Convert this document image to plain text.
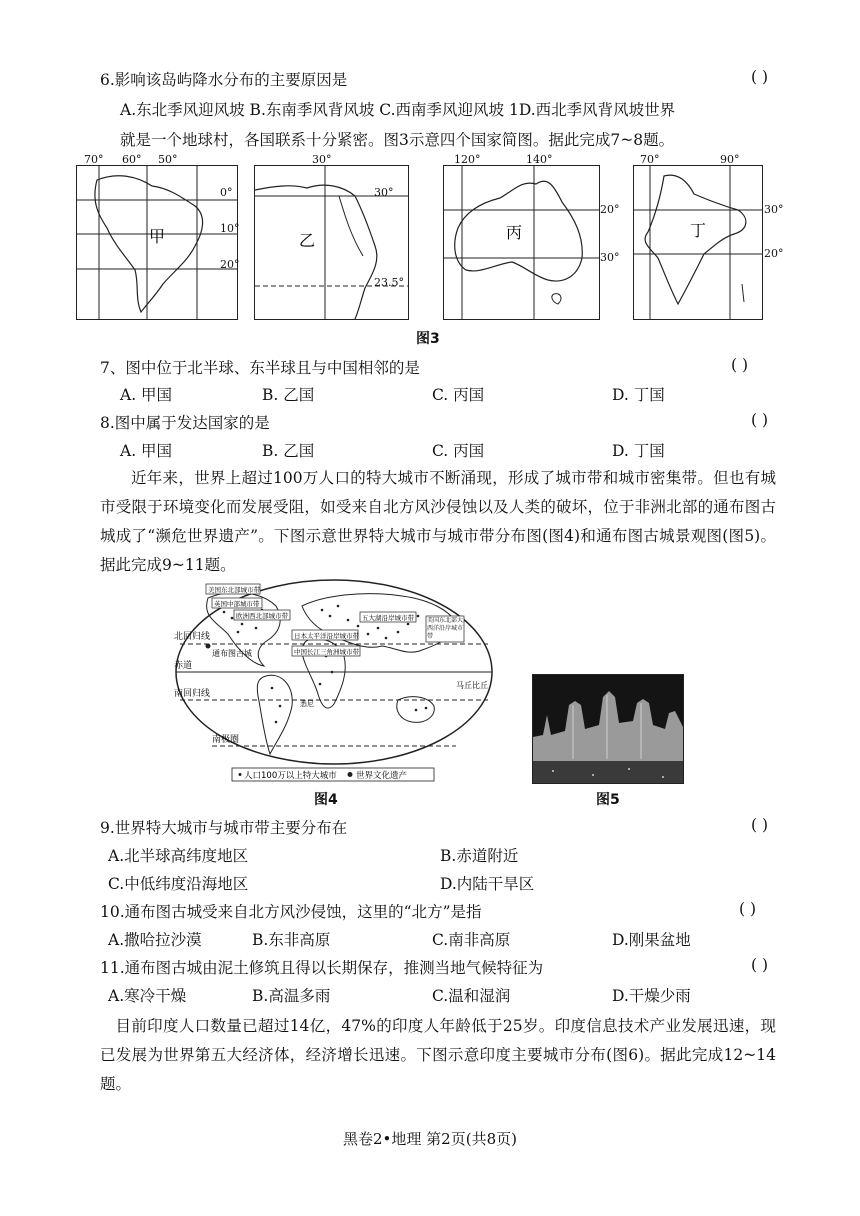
6.影响该岛屿降水分布的主要原因是	( )
A.东北季风迎风坡 B.东南季风背风坡 C.西南季风迎风坡 1D.西北季风背风坡世界
就是一个地球村，各国联系十分紧密。图3示意四个国家简图。据此完成7~8题。
甲
70° 60° 50°
0°
10°
20°
乙
30°
30°
23.5°
丙
120°	140°
20°
30°
丁
70°	90°
30°
20°
图3
7、图中位于北半球、东半球且与中国相邻的是	( )
A. 甲国	B. 乙国	C. 丙国	D. 丁国
8.图中属于发达国家的是	( )
A. 甲国	B. 乙国	C. 丙国	D. 丁国
近年来，世界上超过100万人口的特大城市不断涌现，形成了城市带和城市密集带。但也有城市受限于环境变化而发展受阻，如受来自北方风沙侵蚀以及人类的破坏，位于非洲北部的通布图古城成了“濒危世界遗产”。下图示意世界特大城市与城市带分布图(图4)和通布图古城景观图(图5)。据此完成9~11题。
北回归线
赤道
南回归线
南极圈
通布图古城
马丘比丘
悉尼
美国东北部城市带
英国中部城市带
欧洲西北部城市带	五大湖沿岸城市带
日本太平洋沿岸城市带
中国长江三角洲城市带
美国东北部大西洋沿岸城市带
人口100万以上特大城市 世界文化遗产
图4	图5
9.世界特大城市与城市带主要分布在	( )
A.北半球高纬度地区	B.赤道附近
C.中低纬度沿海地区	D.内陆干旱区
10.通布图古城受来自北方风沙侵蚀，这里的“北方”是指	( )
A.撒哈拉沙漠	B.东非高原	C.南非高原	D.刚果盆地
11.通布图古城由泥土修筑且得以长期保存，推测当地气候特征为	( )
A.寒冷干燥	B.高温多雨	C.温和湿润	D.干燥少雨
目前印度人口数量已超过14亿，47%的印度人年龄低于25岁。印度信息技术产业发展迅速，现已发展为世界第五大经济体，经济增长迅速。下图示意印度主要城市分布(图6)。据此完成12~14题。
黑卷2•地理 第2页(共8页)
